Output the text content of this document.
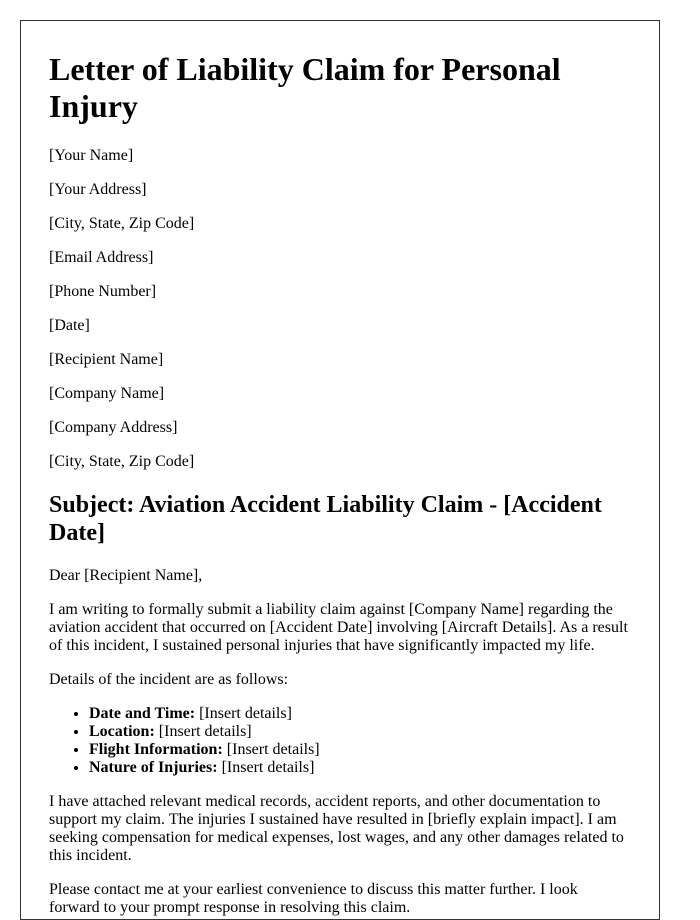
Letter of Liability Claim for Personal Injury

[Your Name]

[Your Address]

[City, State, Zip Code]

[Email Address]

[Phone Number]

[Date]

[Recipient Name]

[Company Name]

[Company Address]

[City, State, Zip Code]

Subject: Aviation Accident Liability Claim - [Accident Date]

Dear [Recipient Name],

I am writing to formally submit a liability claim against [Company Name] regarding the aviation accident that occurred on [Accident Date] involving [Aircraft Details]. As a result of this incident, I sustained personal injuries that have significantly impacted my life.

Details of the incident are as follows:

• Date and Time: [Insert details]
• Location: [Insert details]
• Flight Information: [Insert details]
• Nature of Injuries: [Insert details]

I have attached relevant medical records, accident reports, and other documentation to support my claim. The injuries I sustained have resulted in [briefly explain impact]. I am seeking compensation for medical expenses, lost wages, and any other damages related to this incident.

Please contact me at your earliest convenience to discuss this matter further. I look forward to your prompt response in resolving this claim.
